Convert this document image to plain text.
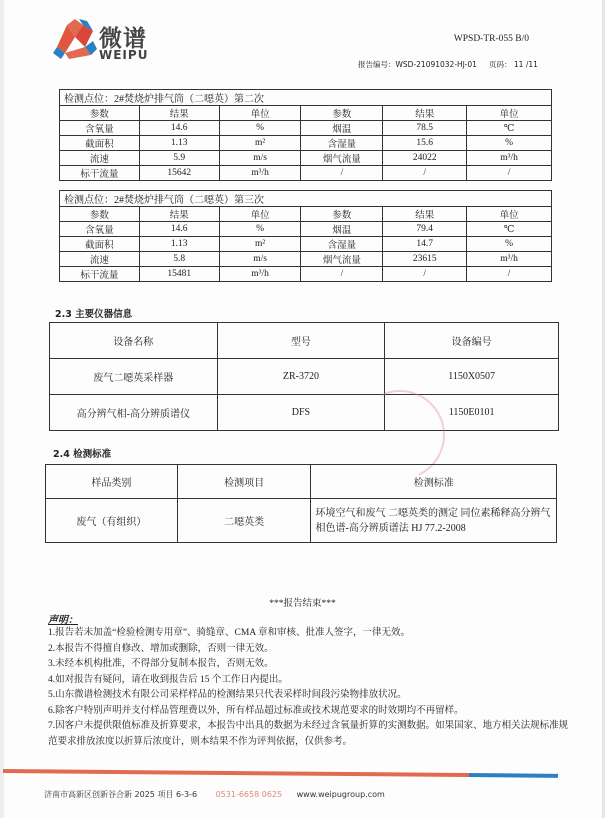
微谱
WEIPU
WPSD-TR-055 B/0
报告编号：WSD-21091032-HJ-01 页码： 11 /11
检测点位：2#焚烧炉排气筒（二噁英）第二次
参数	结果	单位	参数	结果	单位
含氧量	14.6	%	烟温	78.5	℃
截面积	1.13	m²	含湿量	15.6	%
流速	5.9	m/s	烟气流量	24022	m³/h
标干流量	15642	m³/h	/	/	/
检测点位：2#焚烧炉排气筒（二噁英）第三次
参数	结果	单位	参数	结果	单位
含氧量	14.6	%	烟温	79.4	℃
截面积	1.13	m²	含湿量	14.7	%
流速	5.8	m/s	烟气流量	23615	m³/h
标干流量	15481	m³/h	/	/	/
2.3 主要仪器信息
设备名称	型号	设备编号
废气二噁英采样器	ZR-3720	1150X0507
高分辨气相-高分辨质谱仪	DFS	1150E0101
2.4 检测标准
样品类别	检测项目	检测标准
废气（有组织）	二噁英类	环境空气和废气 二噁英类的测定 同位素稀释高分辨气相色谱-高分辨质谱法 HJ 77.2-2008
***报告结束***
声明：
1.报告若未加盖“检验检测专用章”、骑缝章、CMA 章和审核、批准人签字，一律无效。
2.本报告不得擅自修改、增加或删除，否则一律无效。
3.未经本机构批准，不得部分复制本报告，否则无效。
4.如对报告有疑问，请在收到报告后 15 个工作日内提出。
5.山东微谱检测技术有限公司采样样品的检测结果只代表采样时间段污染物排放状况。
6.除客户特别声明并支付样品管理费以外，所有样品超过标准或技术规范要求的时效期均不再留样。
7.因客户未提供限值标准及折算要求，本报告中出具的数据为未经过含氧量折算的实测数据。如果国家、地方相关法规标准规范要求排放浓度以折算后浓度计，则本结果不作为评判依据，仅供参考。
济南市高新区创新谷合新 2025 项目 6-3-6 0531-6658 0625 www.weipugroup.com
